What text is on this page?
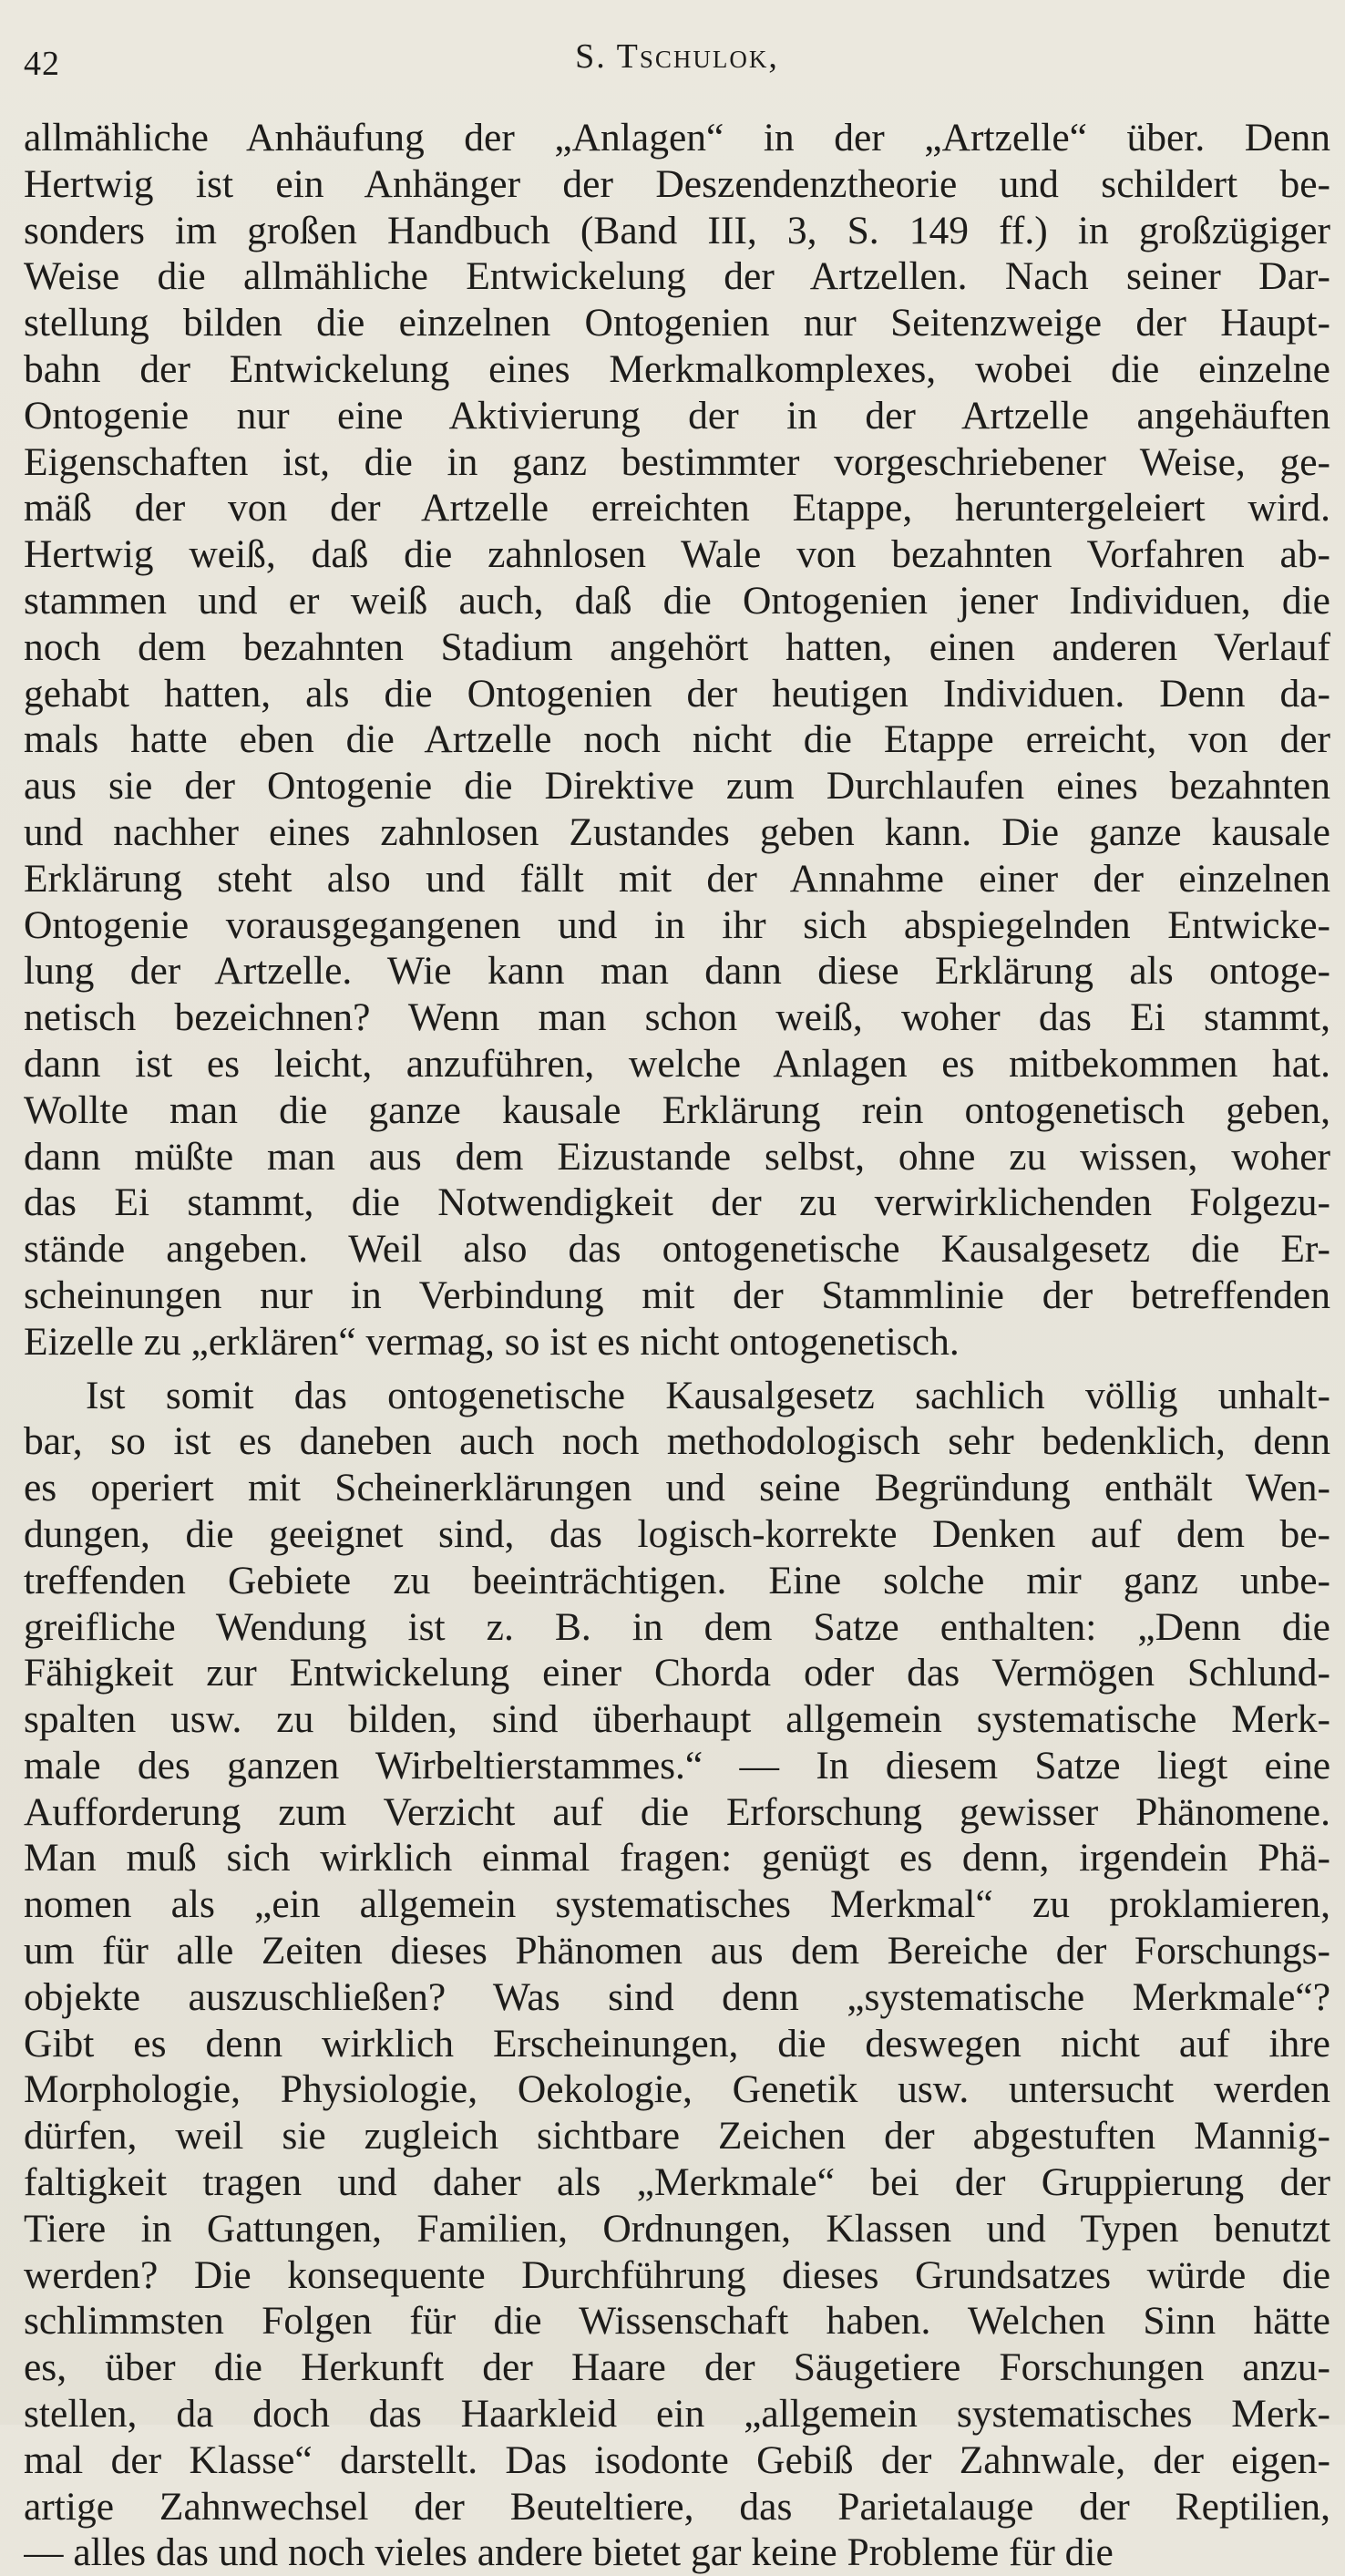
42	S. Tschulok,
allmähliche Anhäufung der „Anlagen“ in der „Artzelle“ über. Denn
Hertwig ist ein Anhänger der Deszendenztheorie und schildert be-
sonders im großen Handbuch (Band III, 3, S. 149 ff.) in großzügiger
Weise die allmähliche Entwickelung der Artzellen. Nach seiner Dar-
stellung bilden die einzelnen Ontogenien nur Seitenzweige der Haupt-
bahn der Entwickelung eines Merkmalkomplexes, wobei die einzelne
Ontogenie nur eine Aktivierung der in der Artzelle angehäuften
Eigenschaften ist, die in ganz bestimmter vorgeschriebener Weise, ge-
mäß der von der Artzelle erreichten Etappe, heruntergeleiert wird.
Hertwig weiß, daß die zahnlosen Wale von bezahnten Vorfahren ab-
stammen und er weiß auch, daß die Ontogenien jener Individuen, die
noch dem bezahnten Stadium angehört hatten, einen anderen Verlauf
gehabt hatten, als die Ontogenien der heutigen Individuen. Denn da-
mals hatte eben die Artzelle noch nicht die Etappe erreicht, von der
aus sie der Ontogenie die Direktive zum Durchlaufen eines bezahnten
und nachher eines zahnlosen Zustandes geben kann. Die ganze kausale
Erklärung steht also und fällt mit der Annahme einer der einzelnen
Ontogenie vorausgegangenen und in ihr sich abspiegelnden Entwicke-
lung der Artzelle. Wie kann man dann diese Erklärung als ontoge-
netisch bezeichnen? Wenn man schon weiß, woher das Ei stammt,
dann ist es leicht, anzuführen, welche Anlagen es mitbekommen hat.
Wollte man die ganze kausale Erklärung rein ontogenetisch geben,
dann müßte man aus dem Eizustande selbst, ohne zu wissen, woher
das Ei stammt, die Notwendigkeit der zu verwirklichenden Folgezu-
stände angeben. Weil also das ontogenetische Kausalgesetz die Er-
scheinungen nur in Verbindung mit der Stammlinie der betreffenden
Eizelle zu „erklären“ vermag, so ist es nicht ontogenetisch.
Ist somit das ontogenetische Kausalgesetz sachlich völlig unhalt-
bar, so ist es daneben auch noch methodologisch sehr bedenklich, denn
es operiert mit Scheinerklärungen und seine Begründung enthält Wen-
dungen, die geeignet sind, das logisch-korrekte Denken auf dem be-
treffenden Gebiete zu beeinträchtigen. Eine solche mir ganz unbe-
greifliche Wendung ist z. B. in dem Satze enthalten: „Denn die
Fähigkeit zur Entwickelung einer Chorda oder das Vermögen Schlund-
spalten usw. zu bilden, sind überhaupt allgemein systematische Merk-
male des ganzen Wirbeltierstammes.“ — In diesem Satze liegt eine
Aufforderung zum Verzicht auf die Erforschung gewisser Phänomene.
Man muß sich wirklich einmal fragen: genügt es denn, irgendein Phä-
nomen als „ein allgemein systematisches Merkmal“ zu proklamieren,
um für alle Zeiten dieses Phänomen aus dem Bereiche der Forschungs-
objekte auszuschließen? Was sind denn „systematische Merkmale“?
Gibt es denn wirklich Erscheinungen, die deswegen nicht auf ihre
Morphologie, Physiologie, Oekologie, Genetik usw. untersucht werden
dürfen, weil sie zugleich sichtbare Zeichen der abgestuften Mannig-
faltigkeit tragen und daher als „Merkmale“ bei der Gruppierung der
Tiere in Gattungen, Familien, Ordnungen, Klassen und Typen benutzt
werden? Die konsequente Durchführung dieses Grundsatzes würde die
schlimmsten Folgen für die Wissenschaft haben. Welchen Sinn hätte
es, über die Herkunft der Haare der Säugetiere Forschungen anzu-
stellen, da doch das Haarkleid ein „allgemein systematisches Merk-
mal der Klasse“ darstellt. Das isodonte Gebiß der Zahnwale, der eigen-
artige Zahnwechsel der Beuteltiere, das Parietalauge der Reptilien,
— alles das und noch vieles andere bietet gar keine Probleme für die
